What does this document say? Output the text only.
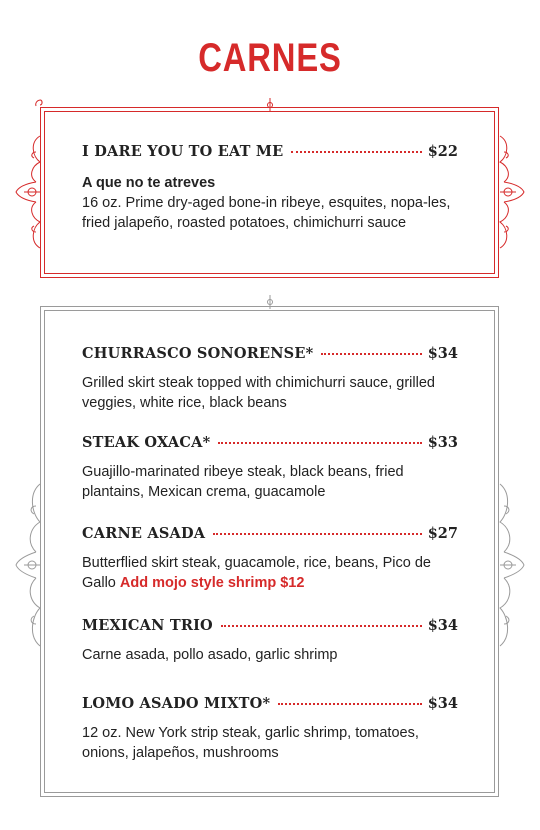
CARNES
I DARE YOU TO EAT ME	$22
A que no te atreves
16 oz. Prime dry-aged bone-in ribeye, esquites, nopa-les, fried jalapeño, roasted potatoes, chimichurri sauce
CHURRASCO SONORENSE*	$34
Grilled skirt steak topped with chimichurri sauce, grilled veggies, white rice, black beans
STEAK OXACA*	$33
Guajillo-marinated ribeye steak, black beans, fried plantains, Mexican crema, guacamole
CARNE ASADA	$27
Butterflied skirt steak, guacamole, rice, beans, Pico de Gallo Add mojo style shrimp $12
MEXICAN TRIO	$34
Carne asada, pollo asado, garlic shrimp
LOMO ASADO MIXTO*	$34
12 oz. New York strip steak, garlic shrimp, tomatoes, onions, jalapeños, mushrooms
